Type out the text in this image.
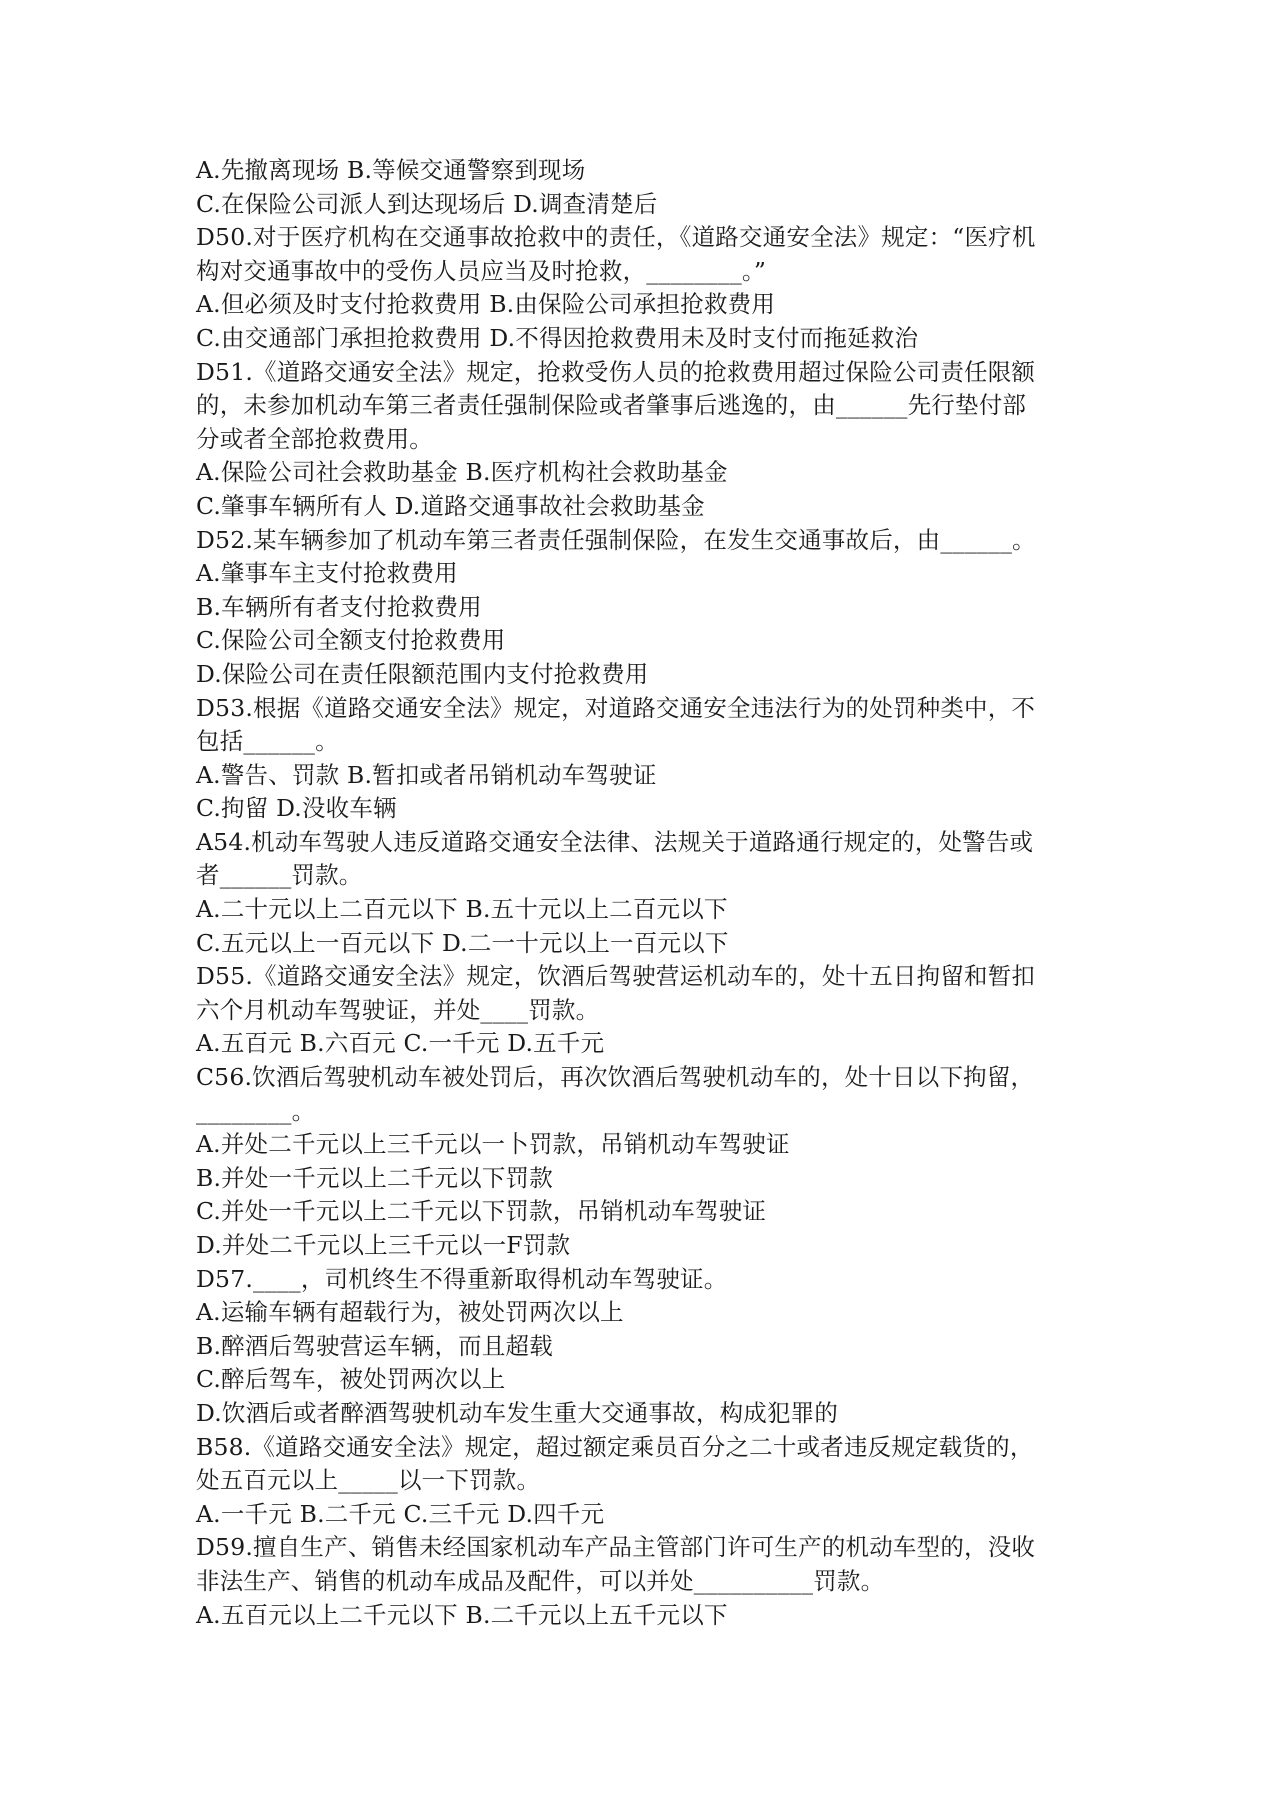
A.先撤离现场 B.等候交通警察到现场
C.在保险公司派人到达现场后 D.调查清楚后
D50.对于医疗机构在交通事故抢救中的责任，《道路交通安全法》规定：“医疗机
构对交通事故中的受伤人员应当及时抢救，________。”
A.但必须及时支付抢救费用 B.由保险公司承担抢救费用
C.由交通部门承担抢救费用 D.不得因抢救费用未及时支付而拖延救治
D51.《道路交通安全法》规定，抢救受伤人员的抢救费用超过保险公司责任限额
的，未参加机动车第三者责任强制保险或者肇事后逃逸的，由______先行垫付部
分或者全部抢救费用。
A.保险公司社会救助基金 B.医疗机构社会救助基金
C.肇事车辆所有人 D.道路交通事故社会救助基金
D52.某车辆参加了机动车第三者责任强制保险，在发生交通事故后，由______。
A.肇事车主支付抢救费用
B.车辆所有者支付抢救费用
C.保险公司全额支付抢救费用
D.保险公司在责任限额范围内支付抢救费用
D53.根据《道路交通安全法》规定，对道路交通安全违法行为的处罚种类中，不
包括______。
A.警告、罚款 B.暂扣或者吊销机动车驾驶证
C.拘留 D.没收车辆
A54.机动车驾驶人违反道路交通安全法律、法规关于道路通行规定的，处警告或
者______罚款。
A.二十元以上二百元以下 B.五十元以上二百元以下
C.五元以上一百元以下 D.二一十元以上一百元以下
D55.《道路交通安全法》规定，饮酒后驾驶营运机动车的，处十五日拘留和暂扣
六个月机动车驾驶证，并处____罚款。
A.五百元 B.六百元 C.一千元 D.五千元
C56.饮酒后驾驶机动车被处罚后，再次饮酒后驾驶机动车的，处十日以下拘留，
________。
A.并处二千元以上三千元以一卜罚款，吊销机动车驾驶证
B.并处一千元以上二千元以下罚款
C.并处一千元以上二千元以下罚款，吊销机动车驾驶证
D.并处二千元以上三千元以一F罚款
D57.____，司机终生不得重新取得机动车驾驶证。
A.运输车辆有超载行为，被处罚两次以上
B.醉酒后驾驶营运车辆，而且超载
C.醉后驾车，被处罚两次以上
D.饮酒后或者醉酒驾驶机动车发生重大交通事故，构成犯罪的
B58.《道路交通安全法》规定，超过额定乘员百分之二十或者违反规定载货的，
处五百元以上_____以一下罚款。
A.一千元 B.二千元 C.三千元 D.四千元
D59.擅自生产、销售未经国家机动车产品主管部门许可生产的机动车型的，没收
非法生产、销售的机动车成品及配件，可以并处__________罚款。
A.五百元以上二千元以下 B.二千元以上五千元以下
